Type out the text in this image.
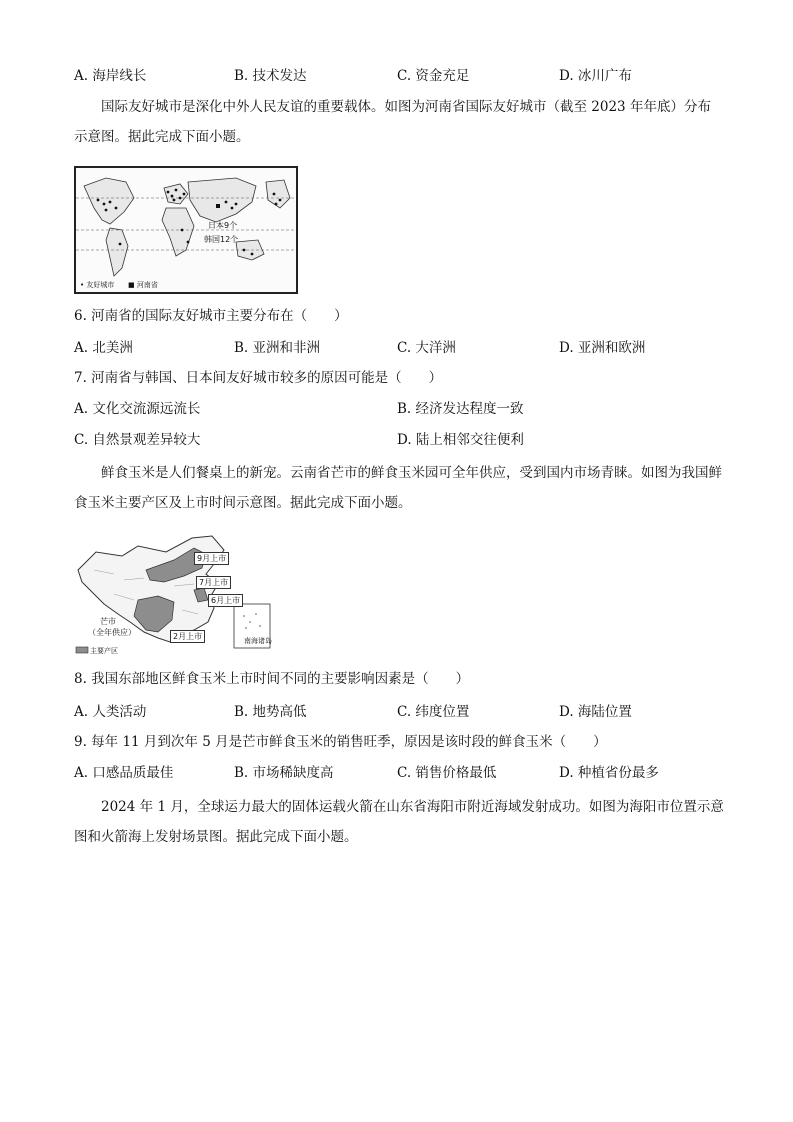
A. 海岸线长	B. 技术发达	C. 资金充足	D. 冰川广布
国际友好城市是深化中外人民友谊的重要载体。如图为河南省国际友好城市（截至 2023 年年底）分布示意图。据此完成下面小题。
日本9个
韩国12个
• 友好城市 ■ 河南省
6. 河南省的国际友好城市主要分布在（　　）
A. 北美洲	B. 亚洲和非洲	C. 大洋洲	D. 亚洲和欧洲
7. 河南省与韩国、日本间友好城市较多的原因可能是（　　）
A. 文化交流源远流长	B. 经济发达程度一致
C. 自然景观差异较大	D. 陆上相邻交往便利
鲜食玉米是人们餐桌上的新宠。云南省芒市的鲜食玉米园可全年供应，受到国内市场青睐。如图为我国鲜食玉米主要产区及上市时间示意图。据此完成下面小题。
9月上市
7月上市
6月上市
2月上市
芒市
（全年供应）
主要产区
南海诸岛
8. 我国东部地区鲜食玉米上市时间不同的主要影响因素是（　　）
A. 人类活动	B. 地势高低	C. 纬度位置	D. 海陆位置
9. 每年 11 月到次年 5 月是芒市鲜食玉米的销售旺季，原因是该时段的鲜食玉米（　　）
A. 口感品质最佳	B. 市场稀缺度高	C. 销售价格最低	D. 种植省份最多
2024 年 1 月，全球运力最大的固体运载火箭在山东省海阳市附近海域发射成功。如图为海阳市位置示意图和火箭海上发射场景图。据此完成下面小题。
